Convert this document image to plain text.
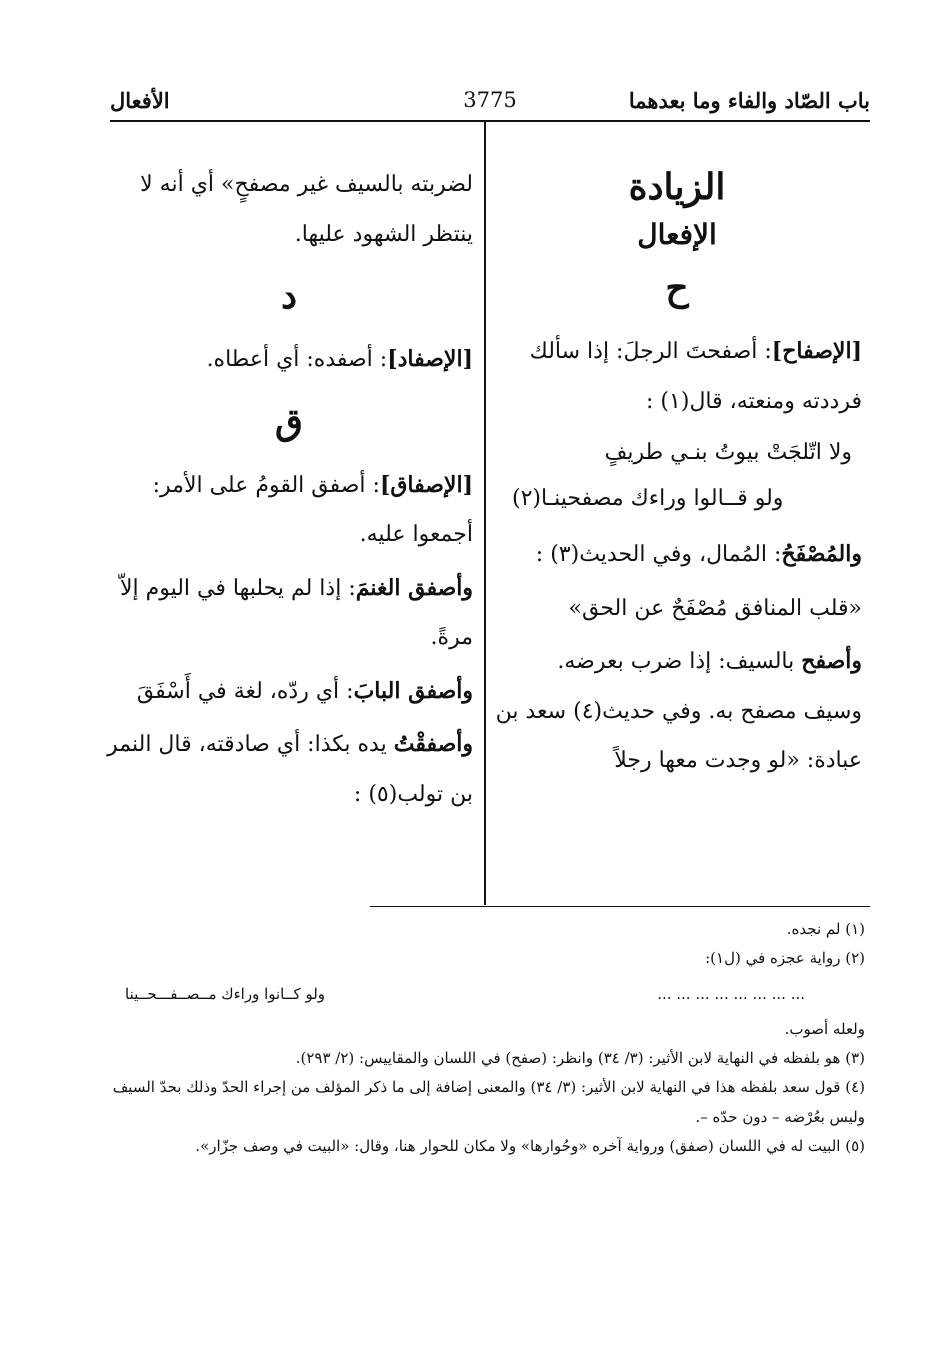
الأفعال	3775	باب الصّاد والفاء وما بعدهما
الزيادة
الإفعال
ح

[الإصفاح]: أصفحتَ الرجلَ: إذا سألك فرددته ومنعته، قال(١) :

ولا اتّلجَتْ بيوتُ بنـي طريفٍ
ولو قــالوا وراءك مصفحينـا(٢)

والمُصْفَحُ: المُمال، وفي الحديث(٣) :

«قلب المنافق مُصْفَحٌ عن الحق»

وأصفح بالسيف: إذا ضرب بعرضه. وسيف مصفح به. وفي حديث(٤) سعد بن عبادة: «لو وجدت معها رجلاً

لضربته بالسيف غير مصفحٍ» أي أنه لا ينتظر الشهود عليها.

د

[الإصفاد]: أصفده: أي أعطاه.

ق

[الإصفاق]: أصفق القومُ على الأمر: أجمعوا عليه.

وأصفق الغنمَ: إذا لم يحلبها في اليوم إلاّ مرةً.

وأصفق البابَ: أي ردّه، لغة في أَسْفَقَ

وأصفقْتُ يده بكذا: أي صادقته، قال النمر بن تولب(٥) :

(١) لم نجده.
(٢) رواية عجزه في (ل١):
... ... ... ... ... ... ... ...
ولو كــانوا وراءك مــصــفـــحــينا
ولعله أصوب.
(٣) هو بلفظه في النهاية لابن الأثير: (٣/ ٣٤) وانظر: (صفح) في اللسان والمقاييس: (٢/ ٢٩٣).
(٤) قول سعد بلفظه هذا في النهاية لابن الأثير: (٣/ ٣٤) والمعنى إضافة إلى ما ذكر المؤلف من إجراء الحدّ وذلك بحدّ السيف وليس بعُرْضه – دون حدّه –.
(٥) البيت له في اللسان (صفق) ورواية آخره «وحُوارها» ولا مكان للحوار هنا، وقال: «البيت في وصف جزّار».
